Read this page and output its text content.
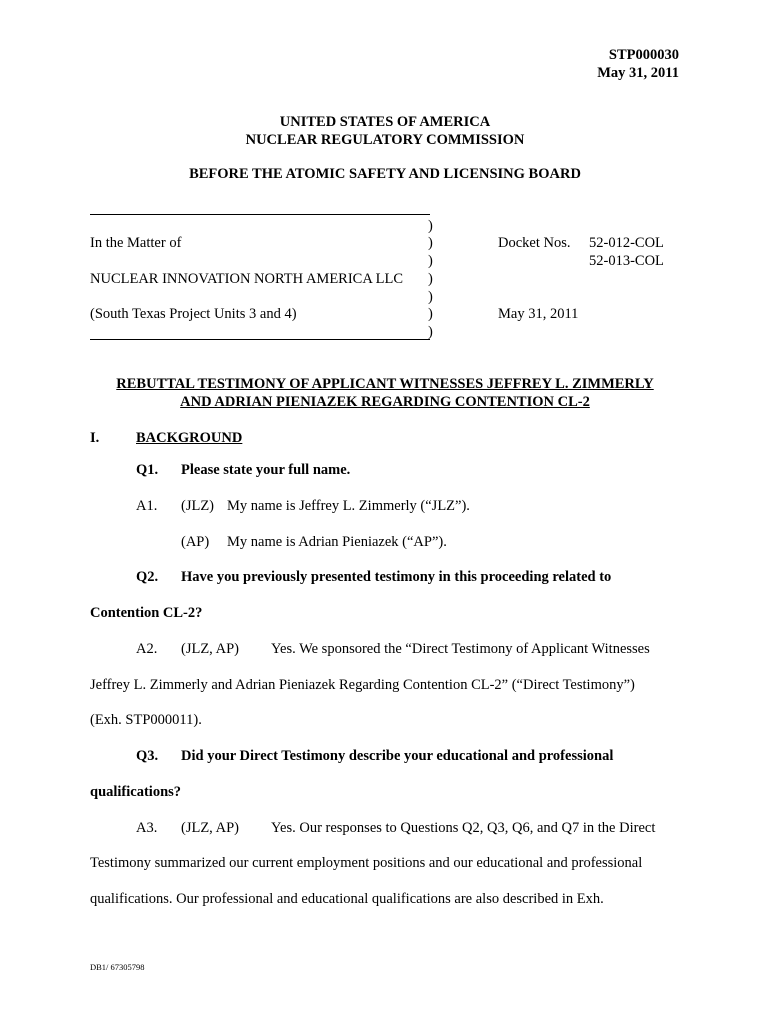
STP000030
May 31, 2011
UNITED STATES OF AMERICA
NUCLEAR REGULATORY COMMISSION
BEFORE THE ATOMIC SAFETY AND LICENSING BOARD
)
)
)
)
)
)
)
In the Matter of
NUCLEAR INNOVATION NORTH AMERICA LLC
(South Texas Project Units 3 and 4)
Docket Nos. 52-012-COL
52-013-COL
May 31, 2011
REBUTTAL TESTIMONY OF APPLICANT WITNESSES JEFFREY L. ZIMMERLY
AND ADRIAN PIENIAZEK REGARDING CONTENTION CL-2
I.	BACKGROUND
Q1. Please state your full name.
A1. (JLZ) My name is Jeffrey L. Zimmerly (“JLZ”).
(AP) My name is Adrian Pieniazek (“AP”).
Q2. Have you previously presented testimony in this proceeding related to
Contention CL-2?
A2. (JLZ, AP) Yes. We sponsored the “Direct Testimony of Applicant Witnesses
Jeffrey L. Zimmerly and Adrian Pieniazek Regarding Contention CL-2” (“Direct Testimony”)
(Exh. STP000011).
Q3. Did your Direct Testimony describe your educational and professional
qualifications?
A3. (JLZ, AP) Yes. Our responses to Questions Q2, Q3, Q6, and Q7 in the Direct
Testimony summarized our current employment positions and our educational and professional
qualifications. Our professional and educational qualifications are also described in Exh.
DB1/ 67305798
